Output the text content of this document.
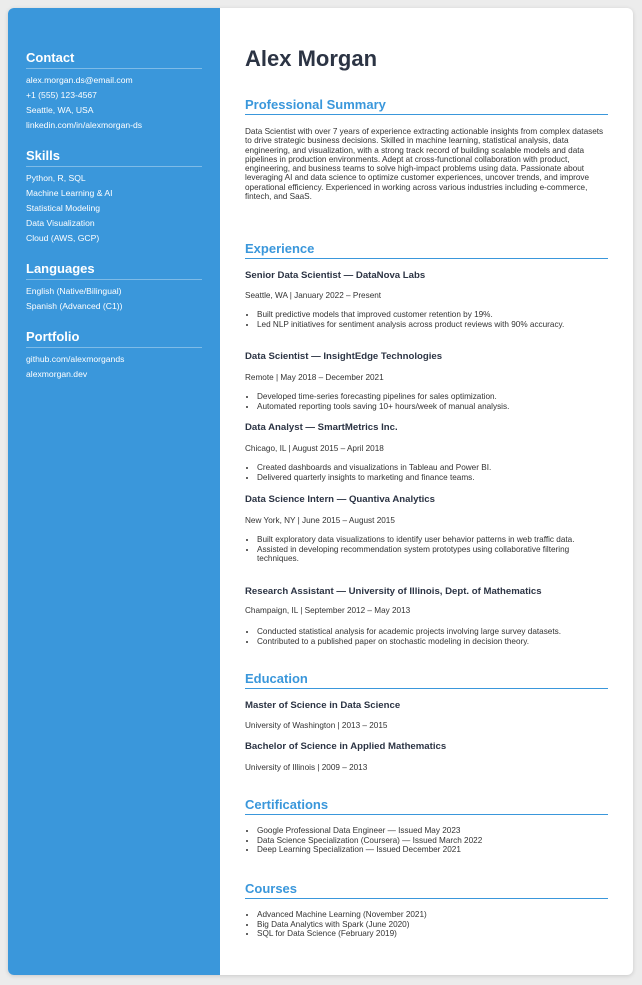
Contact
alex.morgan.ds@email.com
+1 (555) 123-4567
Seattle, WA, USA
linkedin.com/in/alexmorgan-ds
Skills
Python, R, SQL
Machine Learning & AI
Statistical Modeling
Data Visualization
Cloud (AWS, GCP)
Languages
English (Native/Bilingual)
Spanish (Advanced (C1))
Portfolio
github.com/alexmorgands
alexmorgan.dev
Alex Morgan
Professional Summary

Data Scientist with over 7 years of experience extracting actionable insights from complex datasets to drive strategic business decisions. Skilled in machine learning, statistical analysis, data engineering, and visualization, with a strong track record of building scalable models and data pipelines in production environments. Adept at cross-functional collaboration with product, engineering, and business teams to solve high-impact problems using data. Passionate about leveraging AI and data science to optimize customer experiences, uncover trends, and improve operational efficiency. Experienced in working across various industries including e-commerce, fintech, and SaaS.

Experience
Senior Data Scientist — DataNova Labs
Seattle, WA | January 2022 – Present
• Built predictive models that improved customer retention by 19%.
• Led NLP initiatives for sentiment analysis across product reviews with 90% accuracy.
Data Scientist — InsightEdge Technologies
Remote | May 2018 – December 2021
• Developed time-series forecasting pipelines for sales optimization.
• Automated reporting tools saving 10+ hours/week of manual analysis.
Data Analyst — SmartMetrics Inc.
Chicago, IL | August 2015 – April 2018
• Created dashboards and visualizations in Tableau and Power BI.
• Delivered quarterly insights to marketing and finance teams.
Data Science Intern — Quantiva Analytics
New York, NY | June 2015 – August 2015
• Built exploratory data visualizations to identify user behavior patterns in web traffic data.
• Assisted in developing recommendation system prototypes using collaborative filtering techniques.
Research Assistant — University of Illinois, Dept. of Mathematics
Champaign, IL | September 2012 – May 2013
• Conducted statistical analysis for academic projects involving large survey datasets.
• Contributed to a published paper on stochastic modeling in decision theory.
Education
Master of Science in Data Science
University of Washington | 2013 – 2015
Bachelor of Science in Applied Mathematics
University of Illinois | 2009 – 2013
Certifications
• Google Professional Data Engineer — Issued May 2023
• Data Science Specialization (Coursera) — Issued March 2022
• Deep Learning Specialization — Issued December 2021
Courses
• Advanced Machine Learning (November 2021)
• Big Data Analytics with Spark (June 2020)
• SQL for Data Science (February 2019)
